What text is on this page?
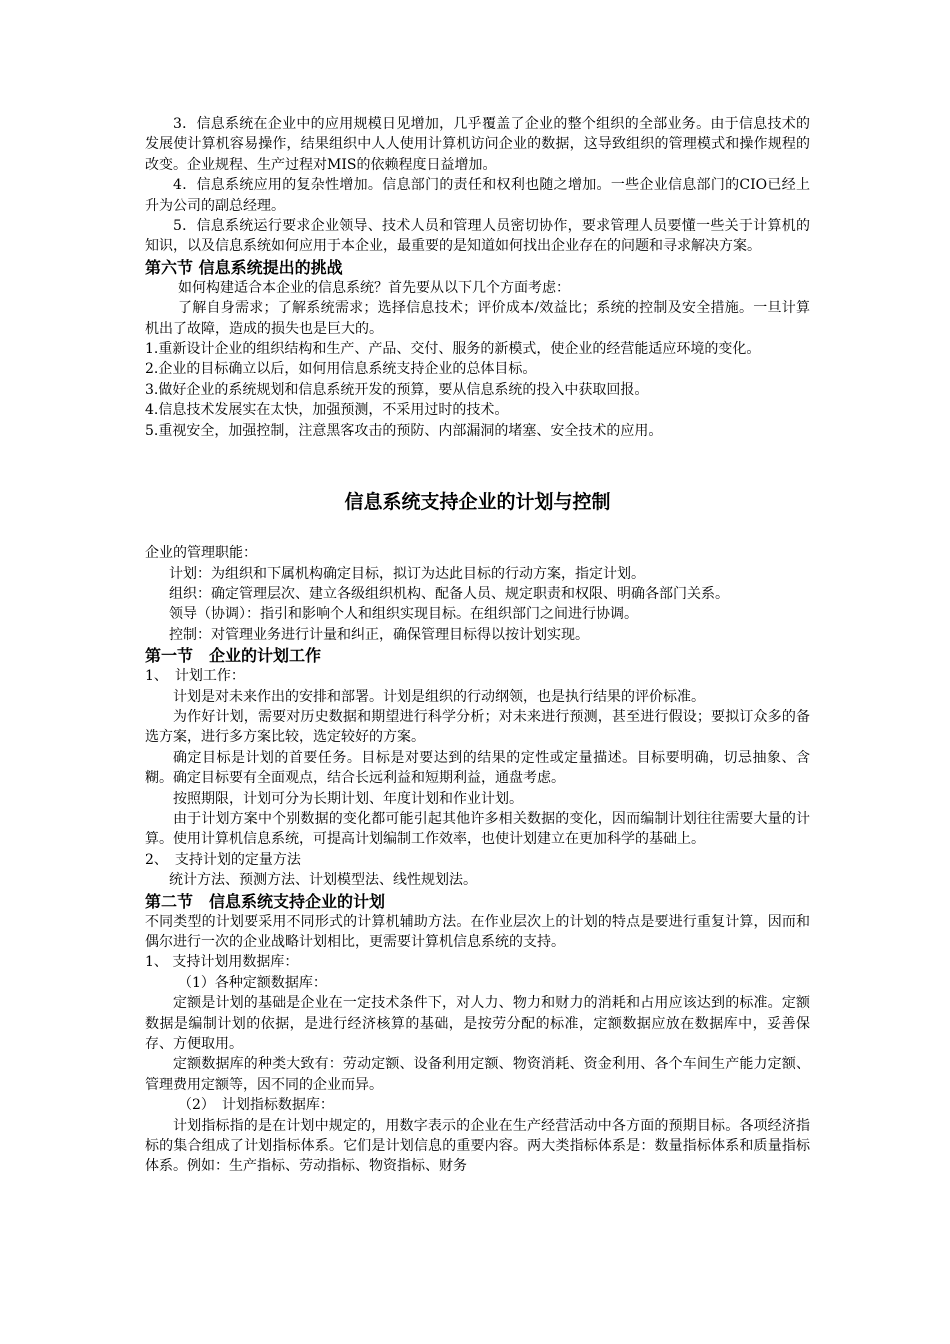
3．信息系统在企业中的应用规模日见增加，几乎覆盖了企业的整个组织的全部业务。由于信息技术的发展使计算机容易操作，结果组织中人人使用计算机访问企业的数据，这导致组织的管理模式和操作规程的改变。企业规程、生产过程对MIS的依赖程度日益增加。

4．信息系统应用的复杂性增加。信息部门的责任和权利也随之增加。一些企业信息部门的CIO已经上升为公司的副总经理。

5．信息系统运行要求企业领导、技术人员和管理人员密切协作，要求管理人员要懂一些关于计算机的知识，以及信息系统如何应用于本企业，最重要的是知道如何找出企业存在的问题和寻求解决方案。

第六节 信息系统提出的挑战

如何构建适合本企业的信息系统？首先要从以下几个方面考虑：

了解自身需求；了解系统需求；选择信息技术；评价成本/效益比；系统的控制及安全措施。一旦计算机出了故障，造成的损失也是巨大的。

1.重新设计企业的组织结构和生产、产品、交付、服务的新模式，使企业的经营能适应环境的变化。

2.企业的目标确立以后，如何用信息系统支持企业的总体目标。

3.做好企业的系统规划和信息系统开发的预算，要从信息系统的投入中获取回报。

4.信息技术发展实在太快，加强预测，不采用过时的技术。

5.重视安全，加强控制，注意黑客攻击的预防、内部漏洞的堵塞、安全技术的应用。

信息系统支持企业的计划与控制

企业的管理职能：

计划：为组织和下属机构确定目标，拟订为达此目标的行动方案，指定计划。

组织：确定管理层次、建立各级组织机构、配备人员、规定职责和权限、明确各部门关系。

领导（协调）：指引和影响个人和组织实现目标。在组织部门之间进行协调。

控制：对管理业务进行计量和纠正，确保管理目标得以按计划实现。

第一节　企业的计划工作

1、　计划工作：

计划是对未来作出的安排和部署。计划是组织的行动纲领，也是执行结果的评价标准。

为作好计划，需要对历史数据和期望进行科学分析；对未来进行预测，甚至进行假设；要拟订众多的备选方案，进行多方案比较，选定较好的方案。

确定目标是计划的首要任务。目标是对要达到的结果的定性或定量描述。目标要明确，切忌抽象、含糊。确定目标要有全面观点，结合长远利益和短期利益，通盘考虑。

按照期限，计划可分为长期计划、年度计划和作业计划。

由于计划方案中个别数据的变化都可能引起其他许多相关数据的变化，因而编制计划往往需要大量的计算。使用计算机信息系统，可提高计划编制工作效率，也使计划建立在更加科学的基础上。

2、　支持计划的定量方法

统计方法、预测方法、计划模型法、线性规划法。

第二节　信息系统支持企业的计划

不同类型的计划要采用不同形式的计算机辅助方法。在作业层次上的计划的特点是要进行重复计算，因而和偶尔进行一次的企业战略计划相比，更需要计算机信息系统的支持。

1、 支持计划用数据库：

（1）各种定额数据库：

定额是计划的基础是企业在一定技术条件下，对人力、物力和财力的消耗和占用应该达到的标准。定额数据是编制计划的依据，是进行经济核算的基础，是按劳分配的标准，定额数据应放在数据库中，妥善保存、方便取用。

定额数据库的种类大致有：劳动定额、设备利用定额、物资消耗、资金利用、各个车间生产能力定额、管理费用定额等，因不同的企业而异。

（2）　计划指标数据库：

计划指标指的是在计划中规定的，用数字表示的企业在生产经营活动中各方面的预期目标。各项经济指标的集合组成了计划指标体系。它们是计划信息的重要内容。两大类指标体系是：数量指标体系和质量指标体系。例如：生产指标、劳动指标、物资指标、财务
